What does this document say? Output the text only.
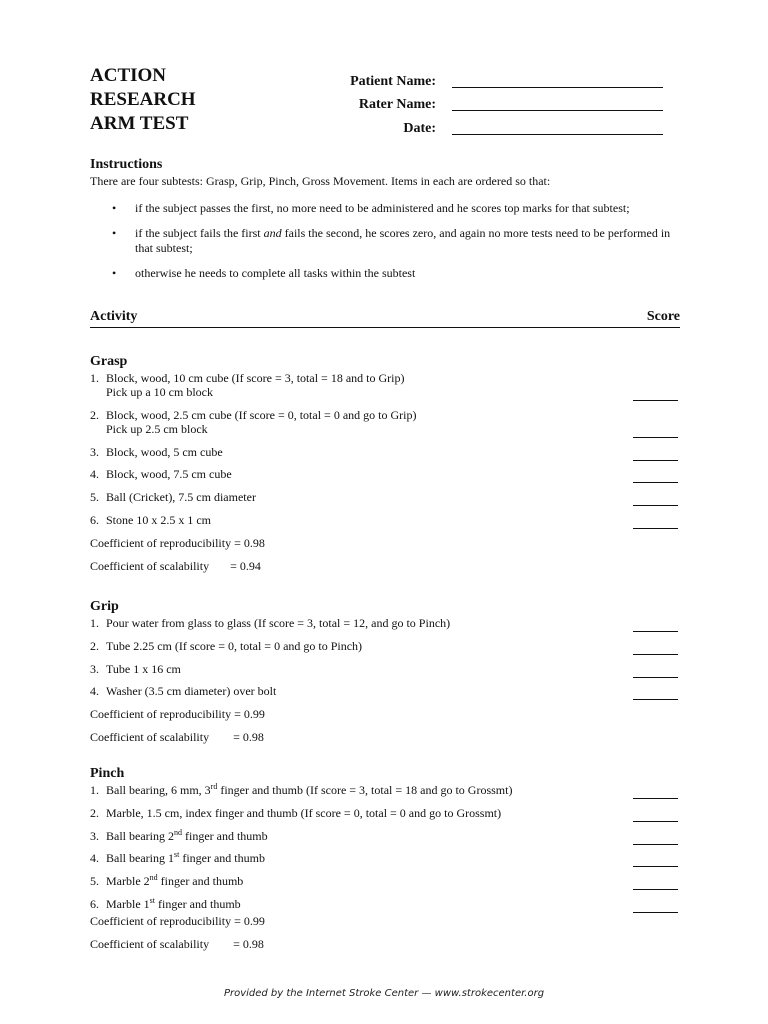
ACTION
RESEARCH
ARM TEST
Patient Name:
Rater Name:
Date:

Instructions

There are four subtests: Grasp, Grip, Pinch, Gross Movement. Items in each are ordered so that:

• if the subject passes the first, no more need to be administered and he scores top marks for that subtest;
• if the subject fails the first and fails the second, he scores zero, and again no more tests need to be performed in that subtest;
• otherwise he needs to complete all tasks within the subtest
Activity	Score
Grasp
1. Block, wood, 10 cm cube (If score = 3, total = 18 and to Grip)
Pick up a 10 cm block
2. Block, wood, 2.5 cm cube (If score = 0, total = 0 and go to Grip)
Pick up 2.5 cm block
3. Block, wood, 5 cm cube
4. Block, wood, 7.5 cm cube
5. Ball (Cricket), 7.5 cm diameter
6. Stone 10 x 2.5 x 1 cm
Coefficient of reproducibility = 0.98
Coefficient of scalability       = 0.94
Grip
1. Pour water from glass to glass (If score = 3, total = 12, and go to Pinch)
2. Tube 2.25 cm (If score = 0, total = 0 and go to Pinch)
3. Tube 1 x 16 cm
4. Washer (3.5 cm diameter) over bolt
Coefficient of reproducibility = 0.99
Coefficient of scalability        = 0.98
Pinch
1. Ball bearing, 6 mm, 3rd finger and thumb (If score = 3, total = 18 and go to Grossmt)
2. Marble, 1.5 cm, index finger and thumb (If score = 0, total = 0 and go to Grossmt)
3. Ball bearing 2nd finger and thumb
4. Ball bearing 1st finger and thumb
5. Marble 2nd finger and thumb
6. Marble 1st finger and thumb
Coefficient of reproducibility = 0.99
Coefficient of scalability        = 0.98
Provided by the Internet Stroke Center — www.strokecenter.org
